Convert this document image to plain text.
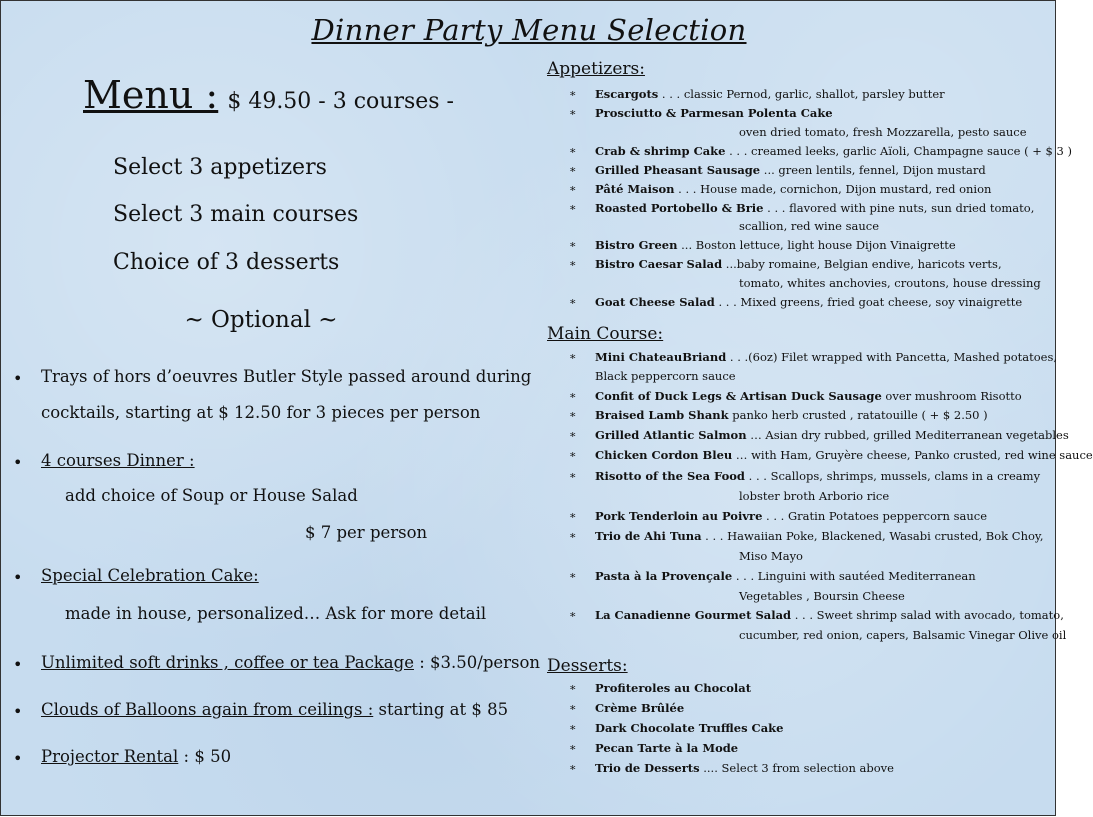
Dinner Party Menu Selection
Menu : $ 49.50 - 3 courses -
Select 3 appetizers
Select 3 main courses
Choice of 3 desserts
~ Optional ~
• Trays of hors d’oeuvres Butler Style passed around during
cocktails, starting at $ 12.50 for 3 pieces per person
• 4 courses Dinner :
add choice of Soup or House Salad
$ 7 per person
• Special Celebration Cake:
made in house, personalized… Ask for more detail
• Unlimited soft drinks , coffee or tea Package : $3.50/person
• Clouds of Balloons again from ceilings : starting at $ 85
• Projector Rental : $ 50
Appetizers:
Main Course:
Desserts:
∗ Escargots . . . classic Pernod, garlic, shallot, parsley butter
∗ Prosciutto & Parmesan Polenta Cake
oven dried tomato, fresh Mozzarella, pesto sauce
∗ Crab & shrimp Cake . . . creamed leeks, garlic Aïoli, Champagne sauce ( + $ 3 )
∗ Grilled Pheasant Sausage ... green lentils, fennel, Dijon mustard
∗ Pâté Maison . . . House made, cornichon, Dijon mustard, red onion
∗ Roasted Portobello & Brie . . . flavored with pine nuts, sun dried tomato,
scallion, red wine sauce
∗ Bistro Green ... Boston lettuce, light house Dijon Vinaigrette
∗ Bistro Caesar Salad ...baby romaine, Belgian endive, haricots verts,
tomato, whites anchovies, croutons, house dressing
∗ Goat Cheese Salad . . . Mixed greens, fried goat cheese, soy vinaigrette
∗ Mini ChateauBriand . . .(6oz) Filet wrapped with Pancetta, Mashed potatoes,
Black peppercorn sauce
∗ Confit of Duck Legs & Artisan Duck Sausage over mushroom Risotto
∗ Braised Lamb Shank panko herb crusted , ratatouille ( + $ 2.50 )
∗ Grilled Atlantic Salmon … Asian dry rubbed, grilled Mediterranean vegetables
∗ Chicken Cordon Bleu … with Ham, Gruyère cheese, Panko crusted, red wine sauce
∗ Risotto of the Sea Food . . . Scallops, shrimps, mussels, clams in a creamy
lobster broth Arborio rice
∗ Pork Tenderloin au Poivre . . . Gratin Potatoes peppercorn sauce
∗ Trio de Ahi Tuna . . . Hawaiian Poke, Blackened, Wasabi crusted, Bok Choy,
Miso Mayo
∗ Pasta à la Provençale . . . Linguini with sautéed Mediterranean
Vegetables , Boursin Cheese
∗ La Canadienne Gourmet Salad . . . Sweet shrimp salad with avocado, tomato,
cucumber, red onion, capers, Balsamic Vinegar Olive oil
∗ Profiteroles au Chocolat
∗ Crème Brûlée
∗ Dark Chocolate Truffles Cake
∗ Pecan Tarte à la Mode
∗ Trio de Desserts .... Select 3 from selection above
